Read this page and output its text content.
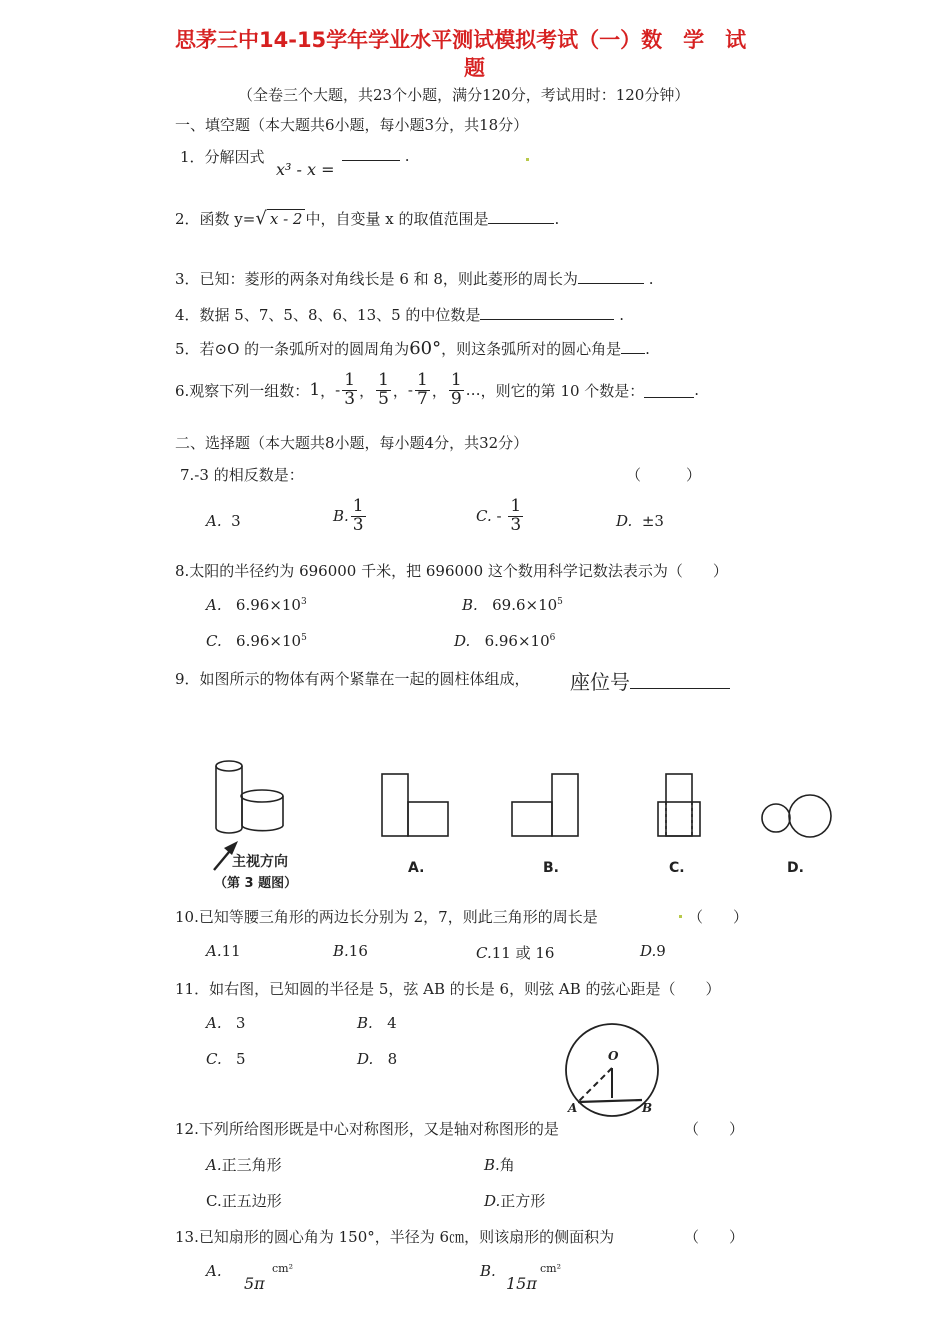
思茅三中14-15学年学业水平测试模拟考试（一）数　学　试
题
（全卷三个大题，共23个小题，满分120分，考试用时：120分钟）
一、填空题（本大题共6小题，每小题3分，共18分）
1．分解因式
x³ - x =
.
2．函数 y=√ x - 2 中，自变量 x 的取值范围是	.
3．已知：菱形的两条对角线长是 6 和 8，则此菱形的周长为	.
4．数据 5、7、5、8、6、13、5 的中位数是	.
5．若⊙O 的一条弧所对的圆周角为60°，则这条弧所对的圆心角是 .
6.观察下列一组数： 1 ， - $\frac{1}{3}$ ， $\frac{1}{5}$ ， - $\frac{1}{7}$ ， $\frac{1}{9}$ … ，则它的第 10 个数是：	.
二、选择题（本大题共8小题，每小题4分，共32分）
7.-3 的相反数是：	（　　　）
A. 3	B. $\frac{1}{3}$	C.
-
$\frac{1}{3}$	D. ±3
8.太阳的半径约为 696000 千米，把 696000 这个数用科学记数法表示为（　　）
A. $6.96\times 10^3$	B. $69.6\times 10^5$
C. $6.96\times 10^5$	D. $6.96\times 10^6$
9．如图所示的物体有两个紧靠在一起的圆柱体组成， 座位号
主视方向
（第 3 题图）
A.	B.	C.	D.
10.已知等腰三角形的两边长分别为 2，7，则此三角形的周长是	（　　）
A.11	B.16	C.11 或 16	D.9
11．如右图，已知圆的半径是 5，弦 AB 的长是 6，则弦 AB 的弦心距是（　　）
A. 3	B. 4
C. 5	D. 8	O
A	B
12.下列所给图形既是中心对称图形，又是轴对称图形的是	（　　）
A.正三角形	B.角
C.正五边形	D.正方形
13.已知扇形的圆心角为 150°，半径为 6㎝，则该扇形的侧面积为	（　　）
A.
5π
cm²	B.
15π
cm²
